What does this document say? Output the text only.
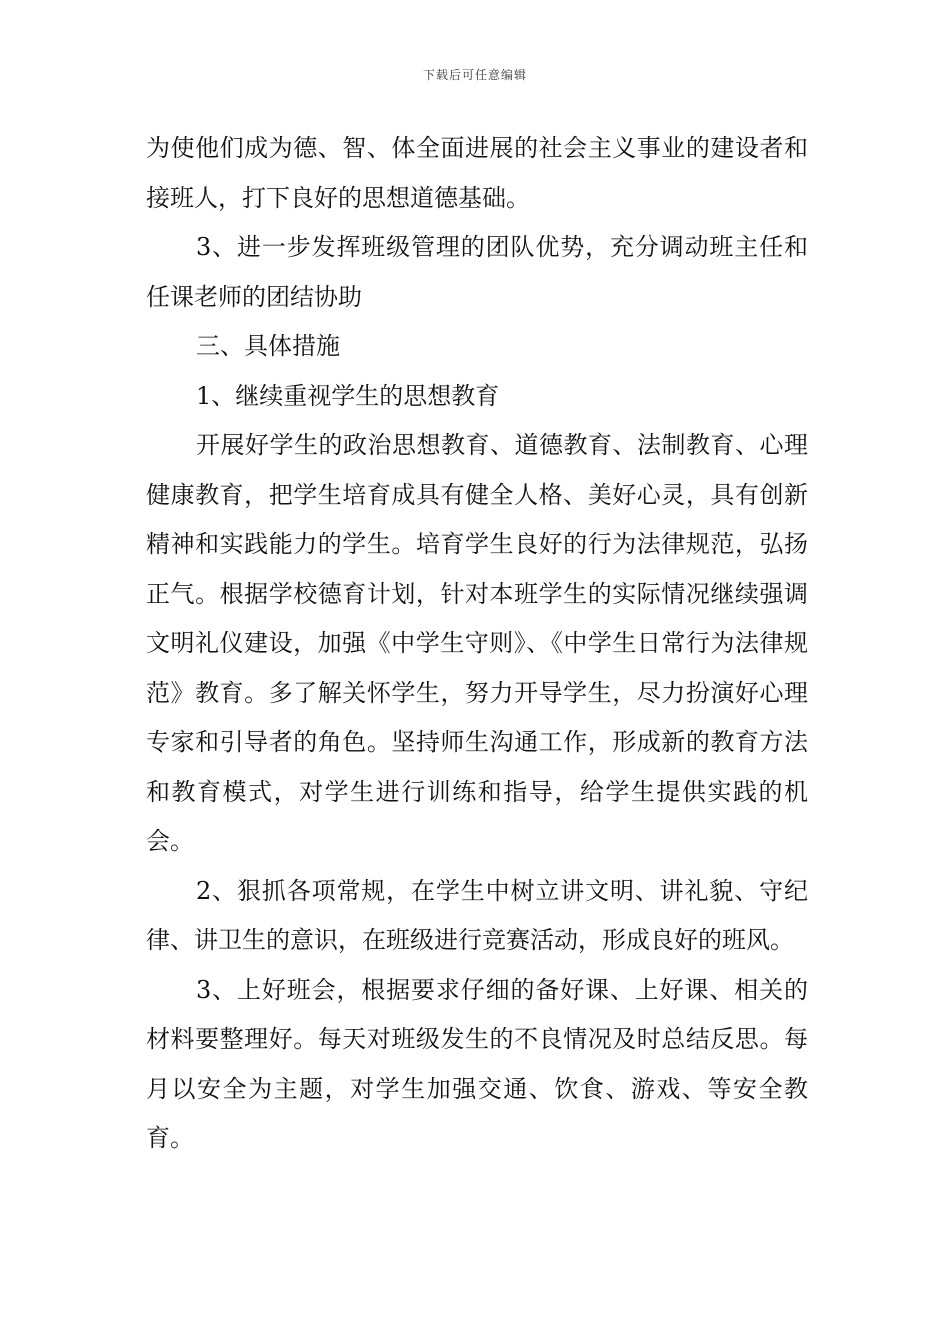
下载后可任意编辑

为使他们成为德、智、体全面进展的社会主义事业的建设者和接班人，打下良好的思想道德基础。

3、进一步发挥班级管理的团队优势，充分调动班主任和任课老师的团结协助

三、具体措施

1、继续重视学生的思想教育

开展好学生的政治思想教育、道德教育、法制教育、心理健康教育，把学生培育成具有健全人格、美好心灵，具有创新精神和实践能力的学生。培育学生良好的行为法律规范，弘扬正气。根据学校德育计划，针对本班学生的实际情况继续强调文明礼仪建设，加强《中学生守则》、《中学生日常行为法律规范》教育。多了解关怀学生，努力开导学生，尽力扮演好心理专家和引导者的角色。坚持师生沟通工作，形成新的教育方法和教育模式，对学生进行训练和指导，给学生提供实践的机会。

2、狠抓各项常规，在学生中树立讲文明、讲礼貌、守纪律、讲卫生的意识，在班级进行竞赛活动，形成良好的班风。

3、上好班会，根据要求仔细的备好课、上好课、相关的材料要整理好。每天对班级发生的不良情况及时总结反思。每月以安全为主题，对学生加强交通、饮食、游戏、等安全教育。
